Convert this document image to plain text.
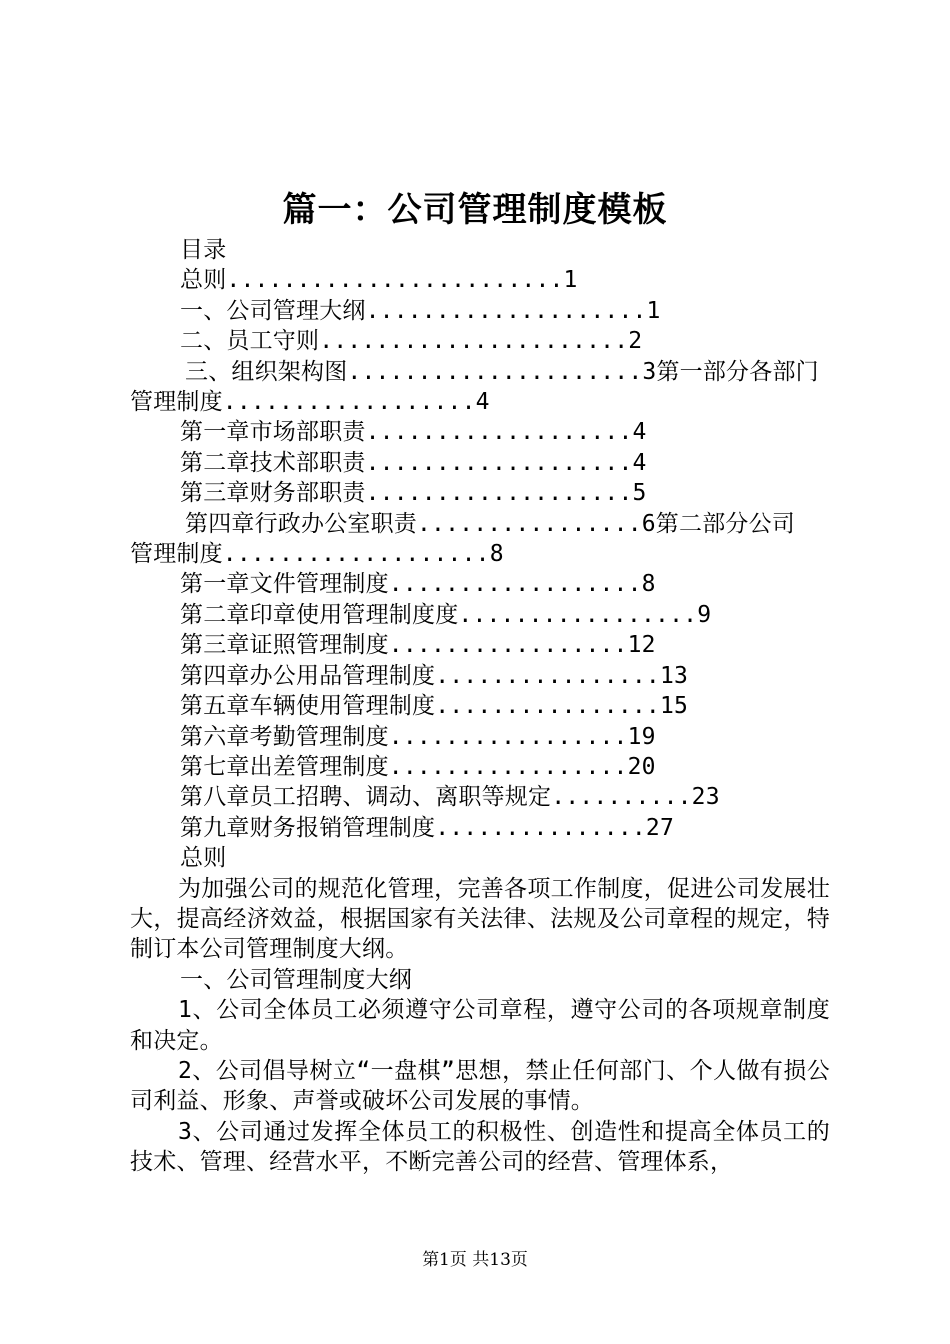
篇一：公司管理制度模板
目录
总则........................1
一、公司管理大纲....................1
二、员工守则......................2
三、组织架构图.....................3第一部分各部门
管理制度..................4
第一章市场部职责...................4
第二章技术部职责...................4
第三章财务部职责...................5
第四章行政办公室职责................6第二部分公司
管理制度...................8
第一章文件管理制度..................8
第二章印章使用管理制度度.................9
第三章证照管理制度.................12
第四章办公用品管理制度................13
第五章车辆使用管理制度................15
第六章考勤管理制度.................19
第七章出差管理制度.................20
第八章员工招聘、调动、离职等规定..........23
第九章财务报销管理制度...............27
总则
为加强公司的规范化管理，完善各项工作制度，促进公司发展壮大，提高经济效益，根据国家有关法律、法规及公司章程的规定，特制订本公司管理制度大纲。
一、公司管理制度大纲
1、公司全体员工必须遵守公司章程，遵守公司的各项规章制度和决定。
2、公司倡导树立“一盘棋”思想，禁止任何部门、个人做有损公司利益、形象、声誉或破坏公司发展的事情。
3、公司通过发挥全体员工的积极性、创造性和提高全体员工的技术、管理、经营水平，不断完善公司的经营、管理体系，
第1页 共13页
